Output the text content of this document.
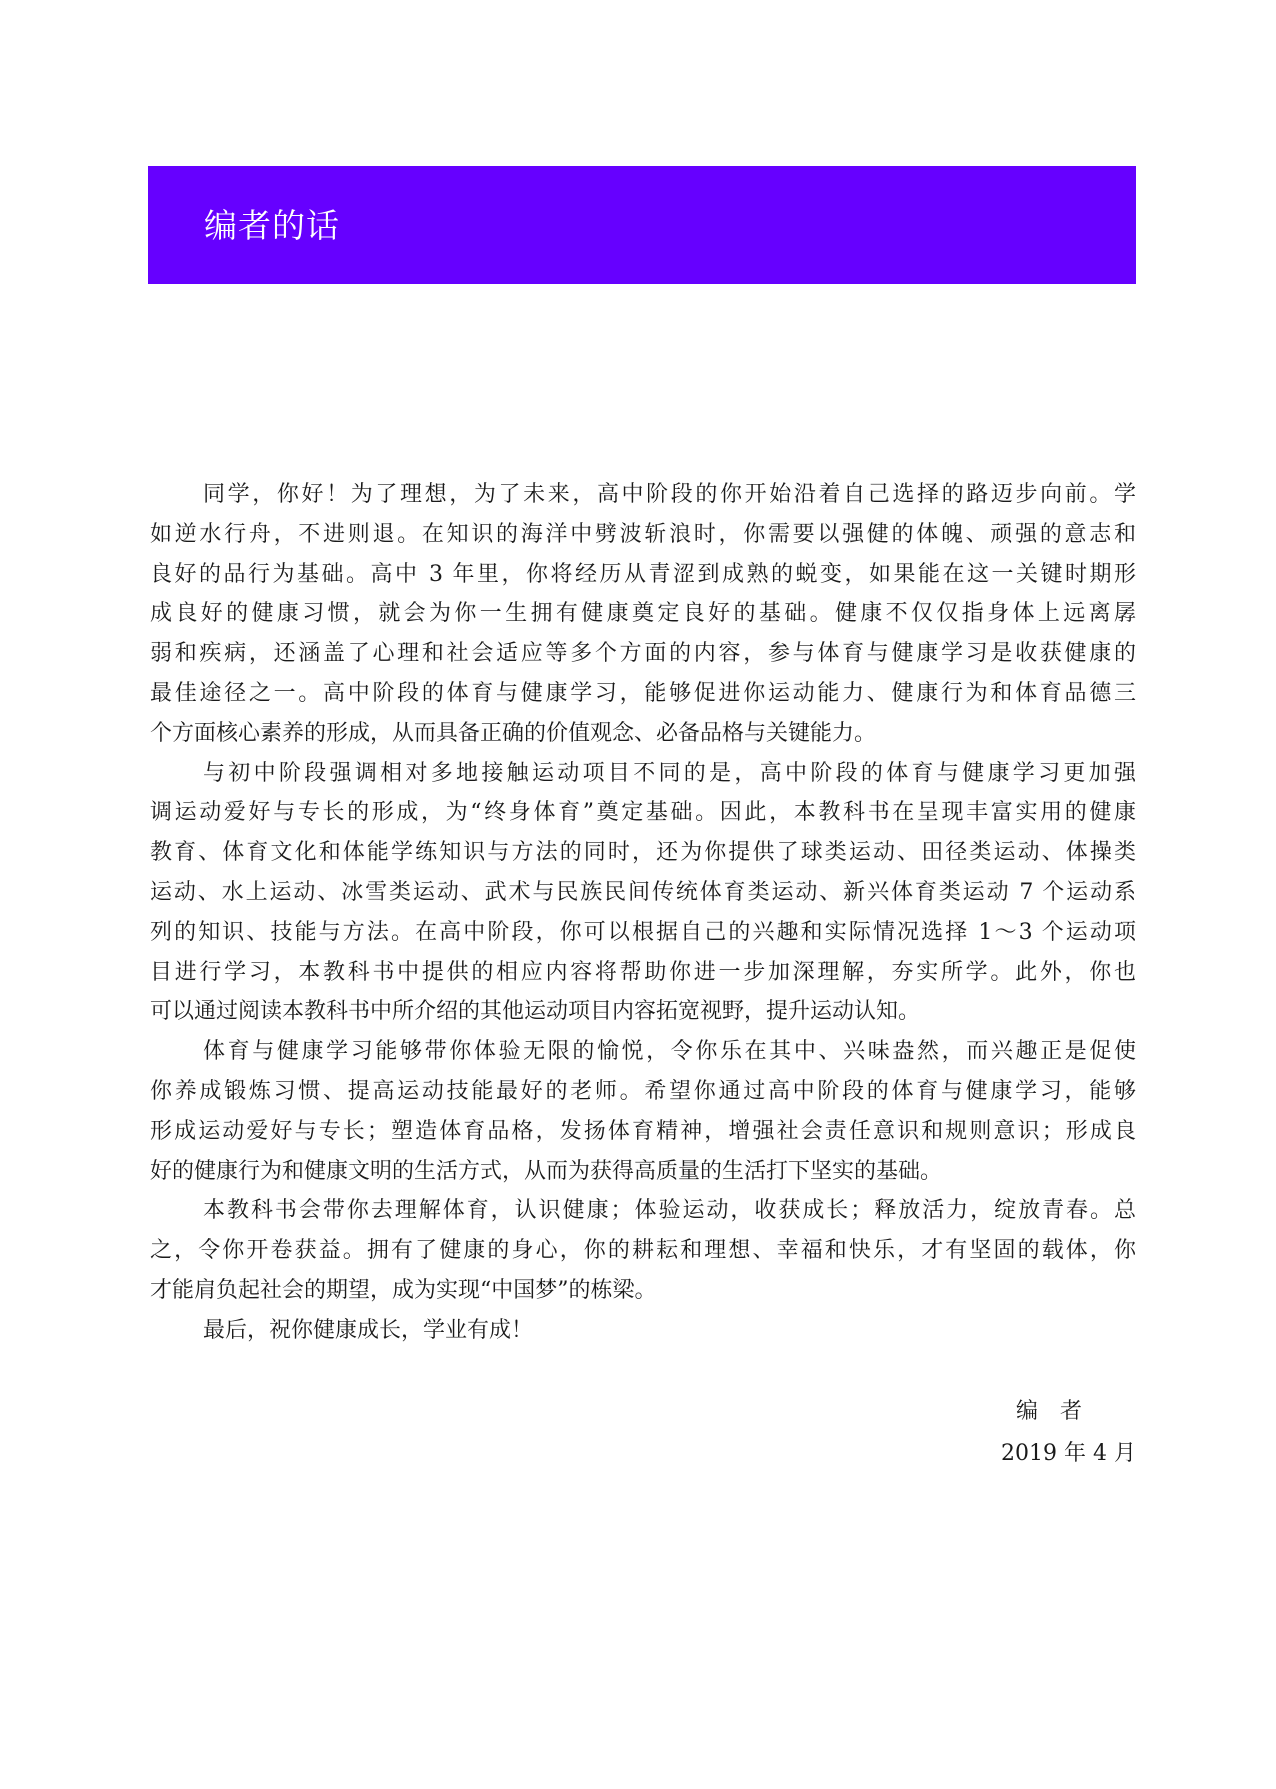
编者的话
同学，你好！为了理想，为了未来，高中阶段的你开始沿着自己选择的路迈步向前。学
如逆水行舟，不进则退。在知识的海洋中劈波斩浪时，你需要以强健的体魄、顽强的意志和
良好的品行为基础。高中 3 年里，你将经历从青涩到成熟的蜕变，如果能在这一关键时期形
成良好的健康习惯，就会为你一生拥有健康奠定良好的基础。健康不仅仅指身体上远离孱
弱和疾病，还涵盖了心理和社会适应等多个方面的内容，参与体育与健康学习是收获健康的
最佳途径之一。高中阶段的体育与健康学习，能够促进你运动能力、健康行为和体育品德三
个方面核心素养的形成，从而具备正确的价值观念、必备品格与关键能力。
与初中阶段强调相对多地接触运动项目不同的是，高中阶段的体育与健康学习更加强
调运动爱好与专长的形成，为“终身体育”奠定基础。因此，本教科书在呈现丰富实用的健康
教育、体育文化和体能学练知识与方法的同时，还为你提供了球类运动、田径类运动、体操类
运动、水上运动、冰雪类运动、武术与民族民间传统体育类运动、新兴体育类运动 7 个运动系
列的知识、技能与方法。在高中阶段，你可以根据自己的兴趣和实际情况选择 1～3 个运动项
目进行学习，本教科书中提供的相应内容将帮助你进一步加深理解，夯实所学。此外，你也
可以通过阅读本教科书中所介绍的其他运动项目内容拓宽视野，提升运动认知。
体育与健康学习能够带你体验无限的愉悦，令你乐在其中、兴味盎然，而兴趣正是促使
你养成锻炼习惯、提高运动技能最好的老师。希望你通过高中阶段的体育与健康学习，能够
形成运动爱好与专长；塑造体育品格，发扬体育精神，增强社会责任意识和规则意识；形成良
好的健康行为和健康文明的生活方式，从而为获得高质量的生活打下坚实的基础。
本教科书会带你去理解体育，认识健康；体验运动，收获成长；释放活力，绽放青春。总
之，令你开卷获益。拥有了健康的身心，你的耕耘和理想、幸福和快乐，才有坚固的载体，你
才能肩负起社会的期望，成为实现“中国梦”的栋梁。
最后，祝你健康成长，学业有成！
编者
2019 年 4 月
